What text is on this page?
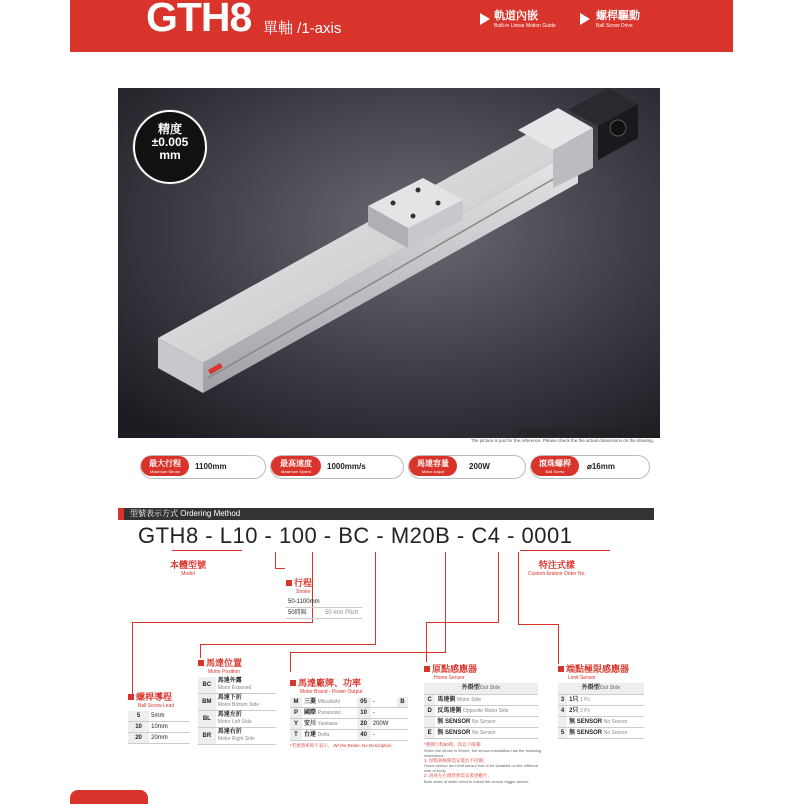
GTH8 單軸 /1-axis
軌道內嵌
Built-in Linear Motion Guide
螺桿驅動
Ball Screw Drive
精度
±0.005
mm
此圖僅供參考，出貨規格詳見尺寸圖面
The picture is just for the reference. Please check the the actual dimensions on the drawing.
最大行程
Maximum Stroke
1100mm	最高速度
Maximum Speed
1000mm/s	馬達容量
Motor output
200W	滾珠螺桿
Ball Screw
⌀16mm
型號表示方式 Ordering Method
GTH8 - L10 - 100 - BC - M20B - C4 - 0001
本體型號
Model
特注式樣
Custom-lization Order No.
行程
Stroke
50-1100mm	
50間隔	50 mm Pitch
螺桿導程
Ball Screw Lead
5	5mm
10	10mm
20	20mm
馬達位置
Motor Position
BC	馬達外露
Motor Exposed

BM	馬達下折
Motor Bottom Side

BL	馬達左折
Motor Left Side

BR	馬達右折
Motor Right Side
馬達廠牌、功率
Motor Brand - Power Output
M	三菱 Mitsubishi	05	-	B
P	國際 Panasonic	10	-	
Y	安川 Yaskawa	20	200W	
T	台達 Delta	40	-	
*若無煞車則不表示。 W/ the Brake, No Description.
原點感應器
Home Sensor
外掛型Out Side	
C	馬達側 Motor Side
D	反馬達側 Opposite Motor Side
	無 SENSOR No Sensor
E	無 SENSOR No Sensor
*選擇行程50時，需以下限制:
When the stroke is 50mm, the sensor installation has the following restrictions.
1. 原點與極限需安裝於不同側。
Home sensor and limit sensor has to be installed on the different side of body.
2. 滑座左右側皆無需安裝感應片。
Both sides of slider need to install the sensor trigger device.
端點極限感應器
Limit Sensor
外掛型Out Side	
3	1只 1 Pc
4	2只 2 Pc
	無 SENSOR No Sensor
5	無 SENSOR No Sensor
